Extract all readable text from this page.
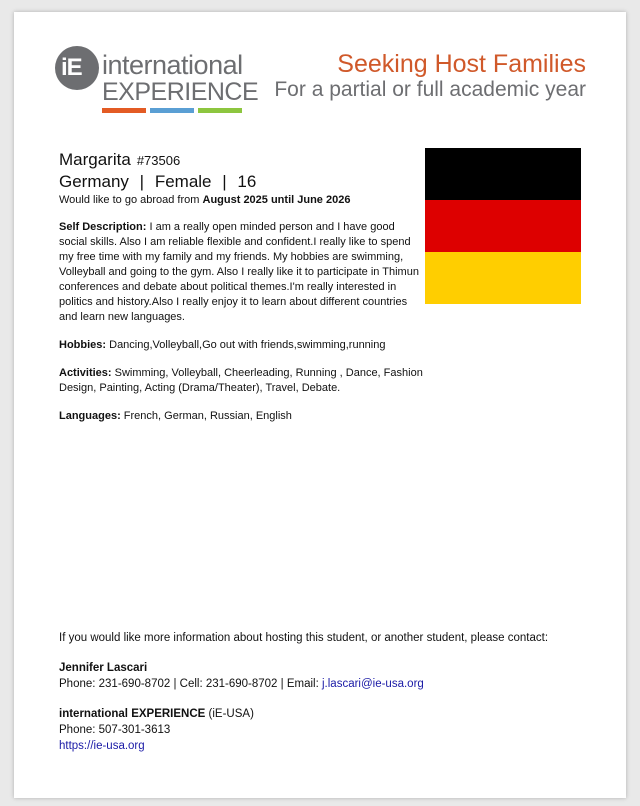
iE international
EXPERIENCE
Seeking Host Families
For a partial or full academic year
Margarita #73506
Germany | Female | 16
Would like to go abroad from August 2025 until June 2026

Self Description: I am a really open minded person and I have good social skills. Also I am reliable flexible and confident.I really like to spend my free time with my family and my friends. My hobbies are swimming, Volleyball and going to the gym. Also I really like it to participate in Thimun conferences and debate about political themes.I'm really interested in politics and history.Also I really enjoy it to learn about different countries and learn new languages.

Hobbies: Dancing,Volleyball,Go out with friends,swimming,running

Activities: Swimming, Volleyball, Cheerleading, Running , Dance, Fashion Design, Painting, Acting (Drama/Theater), Travel, Debate.

Languages: French, German, Russian, English

If you would like more information about hosting this student, or another student, please contact:

Jennifer Lascari

Phone: 231-690-8702 | Cell: 231-690-8702 | Email: j.lascari@ie-usa.org

international EXPERIENCE (iE-USA)

Phone: 507-301-3613

https://ie-usa.org
